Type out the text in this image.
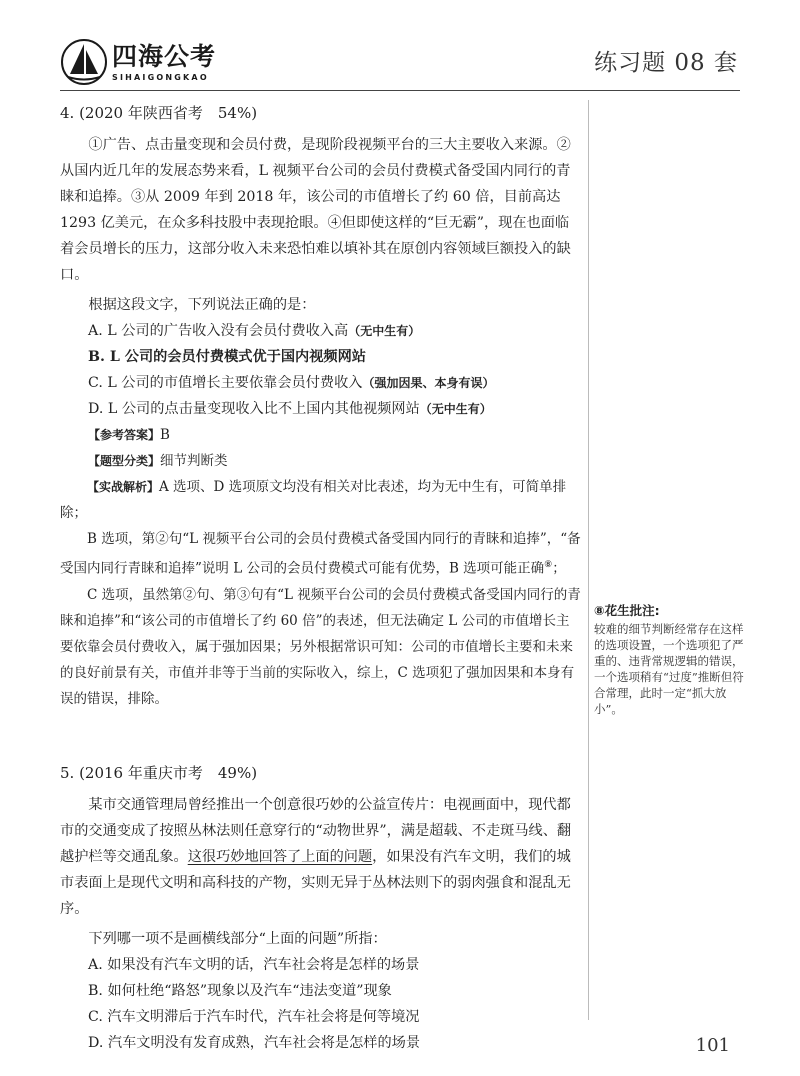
四海公考
SIHAIGONGKAO
练习题 08 套

4. (2020 年陕西省考　54%)

①广告、点击量变现和会员付费，是现阶段视频平台的三大主要收入来源。②从国内近几年的发展态势来看，L 视频平台公司的会员付费模式备受国内同行的青睐和追捧。③从 2009 年到 2018 年，该公司的市值增长了约 60 倍，目前高达 1293 亿美元，在众多科技股中表现抢眼。④但即使这样的“巨无霸”，现在也面临着会员增长的压力，这部分收入未来恐怕难以填补其在原创内容领域巨额投入的缺口。

根据这段文字，下列说法正确的是：

A. L 公司的广告收入没有会员付费收入高（无中生有）

B. L 公司的会员付费模式优于国内视频网站

C. L 公司的市值增长主要依靠会员付费收入（强加因果、本身有误）

D. L 公司的点击量变现收入比不上国内其他视频网站（无中生有）

【参考答案】B

【题型分类】细节判断类

【实战解析】A 选项、D 选项原文均没有相关对比表述，均为无中生有，可简单排除；

B 选项，第②句“L 视频平台公司的会员付费模式备受国内同行的青睐和追捧”，“备受国内同行青睐和追捧”说明 L 公司的会员付费模式可能有优势，B 选项可能正确⑧；

C 选项，虽然第②句、第③句有“L 视频平台公司的会员付费模式备受国内同行的青睐和追捧”和“该公司的市值增长了约 60 倍”的表述，但无法确定 L 公司的市值增长主要依靠会员付费收入，属于强加因果；另外根据常识可知：公司的市值增长主要和未来的良好前景有关，市值并非等于当前的实际收入，综上，C 选项犯了强加因果和本身有误的错误，排除。

⑧花生批注:
较难的细节判断经常存在这样的选项设置，一个选项犯了严重的、违背常规逻辑的错误，一个选项稍有“过度”推断但符合常理，此时一定“抓大放小”。

5. (2016 年重庆市考　49%)

某市交通管理局曾经推出一个创意很巧妙的公益宣传片：电视画面中，现代都市的交通变成了按照丛林法则任意穿行的“动物世界”，满是超载、不走斑马线、翻越护栏等交通乱象。这很巧妙地回答了上面的问题，如果没有汽车文明，我们的城市表面上是现代文明和高科技的产物，实则无异于丛林法则下的弱肉强食和混乱无序。

下列哪一项不是画横线部分“上面的问题”所指：

A. 如果没有汽车文明的话，汽车社会将是怎样的场景

B. 如何杜绝“路怒”现象以及汽车“违法变道”现象

C. 汽车文明滞后于汽车时代，汽车社会将是何等境况

D. 汽车文明没有发育成熟，汽车社会将是怎样的场景	101
